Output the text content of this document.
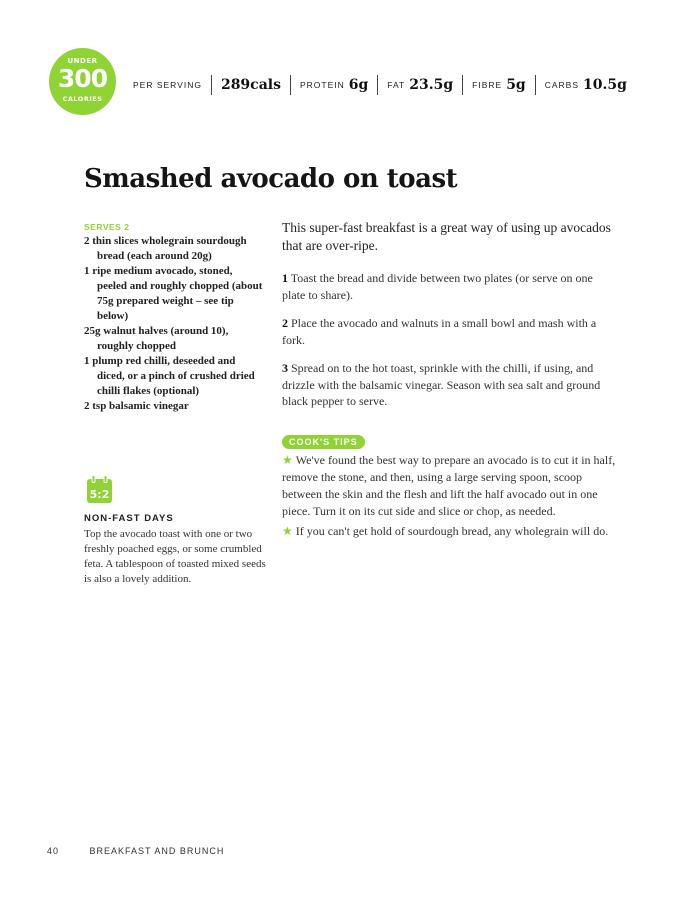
UNDER
300
CALORIES
PER SERVING 289cals PROTEIN 6g FAT 23.5g FIBRE 5g CARBS 10.5g
Smashed avocado on toast
SERVES 2
2 thin slices wholegrain sourdough bread (each around 20g)
1 ripe medium avocado, stoned, peeled and roughly chopped (about 75g prepared weight – see tip below)
25g walnut halves (around 10), roughly chopped
1 plump red chilli, deseeded and diced, or a pinch of crushed dried chilli flakes (optional)
2 tsp balsamic vinegar
5:2
NON-FAST DAYS

Top the avocado toast with one or two freshly poached eggs, or some crumbled feta. A tablespoon of toasted mixed seeds is also a lovely addition.

This super-fast breakfast is a great way of using up avocados that are over-ripe.

1 Toast the bread and divide between two plates (or serve on one plate to share).

2 Place the avocado and walnuts in a small bowl and mash with a fork.

3 Spread on to the hot toast, sprinkle with the chilli, if using, and drizzle with the balsamic vinegar. Season with sea salt and ground black pepper to serve.

COOK'S TIPS

★ We've found the best way to prepare an avocado is to cut it in half, remove the stone, and then, using a large serving spoon, scoop between the skin and the flesh and lift the half avocado out in one piece. Turn it on its cut side and slice or chop, as needed.

★ If you can't get hold of sourdough bread, any wholegrain will do.

40	BREAKFAST AND BRUNCH
